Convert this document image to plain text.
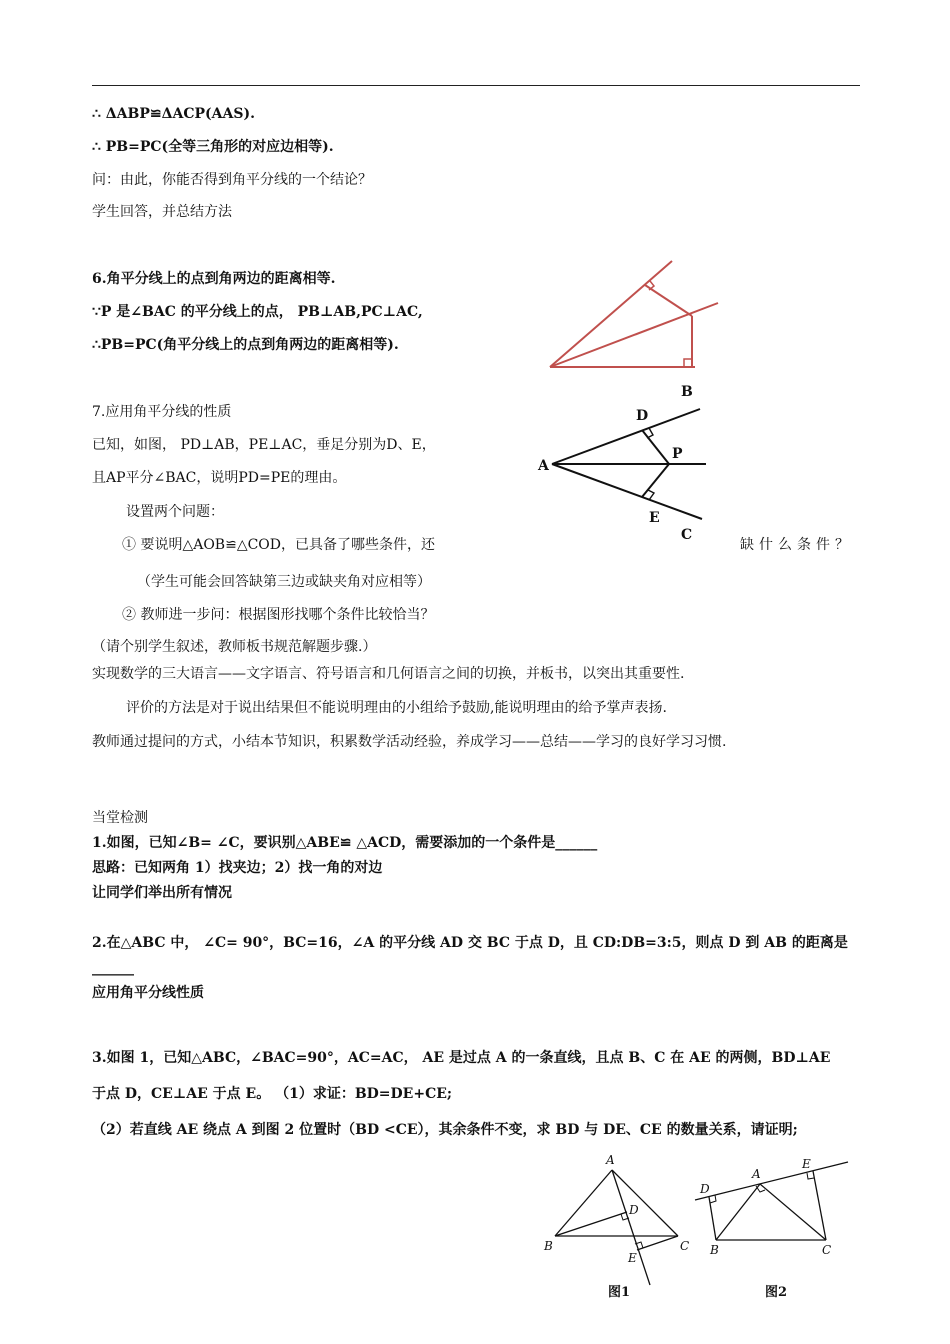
∴ ΔABP≌ΔACP(AAS).
∴ PB=PC(全等三角形的对应边相等).
问：由此，你能否得到角平分线的一个结论？
学生回答，并总结方法
6.角平分线上的点到角两边的距离相等.
∵P 是∠BAC 的平分线上的点， PB⊥AB,PC⊥AC,
∴PB=PC(角平分线上的点到角两边的距离相等).
7.应用角平分线的性质
已知，如图， PD⊥AB，PE⊥AC，垂足分别为D、E，
且AP平分∠BAC，说明PD=PE的理由。
设置两个问题：
① 要说明△AOB≌△COD，已具备了哪些条件，还	缺什么条件？
（学生可能会回答缺第三边或缺夹角对应相等）
② 教师进一步问：根据图形找哪个条件比较恰当？
（请个别学生叙述，教师板书规范解题步骤.）
实现数学的三大语言——文字语言、符号语言和几何语言之间的切换，并板书，以突出其重要性.
评价的方法是对于说出结果但不能说明理由的小组给予鼓励,能说明理由的给予掌声表扬.
教师通过提问的方式，小结本节知识，积累数学活动经验，养成学习——总结——学习的良好学习习惯.
A
B
C
D
E
P
当堂检测
1.如图，已知∠B= ∠C，要识别△ABE≌ △ACD，需要添加的一个条件是______
思路：已知两角 1）找夹边；2）找一角的对边
让同学们举出所有情况
2.在△ABC 中， ∠C= 90°，BC=16，∠A 的平分线 AD 交 BC 于点 D，且 CD:DB=3:5，则点 D 到 AB 的距离是
______
应用角平分线性质
3.如图 1，已知△ABC，∠BAC=90°，AC=AC， AE 是过点 A 的一条直线，且点 B、C 在 AE 的两侧，BD⊥AE
于点 D，CE⊥AE 于点 E。 （1）求证：BD=DE+CE;
（2）若直线 AE 绕点 A 到图 2 位置时（BD <CE），其余条件不变，求 BD 与 DE、CE 的数量关系，请证明;
A
B	C
D
E
图1
A
B	C
D
E
图2
